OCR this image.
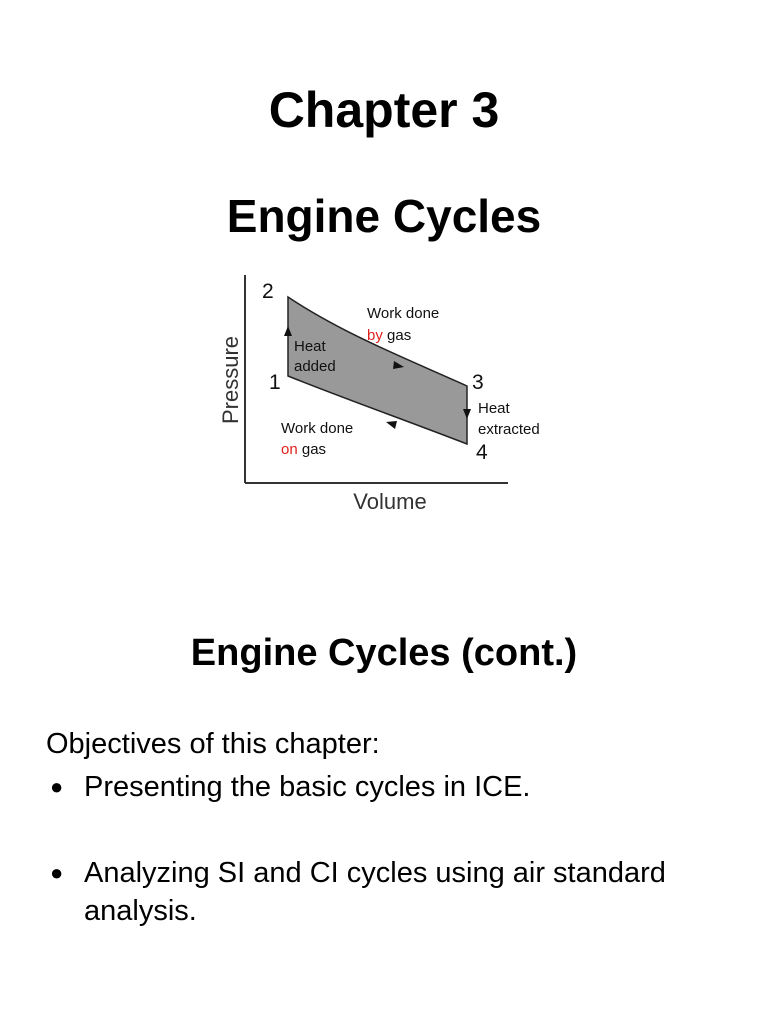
Chapter 3
Engine Cycles
Pressure
Volume
2
1	3
4
Heat added
Work done by gas
Heat extracted
Work done on gas
Engine Cycles (cont.)

Objectives of this chapter:

● Presenting the basic cycles in ICE.
● Analyzing SI and CI cycles using air standard analysis.
